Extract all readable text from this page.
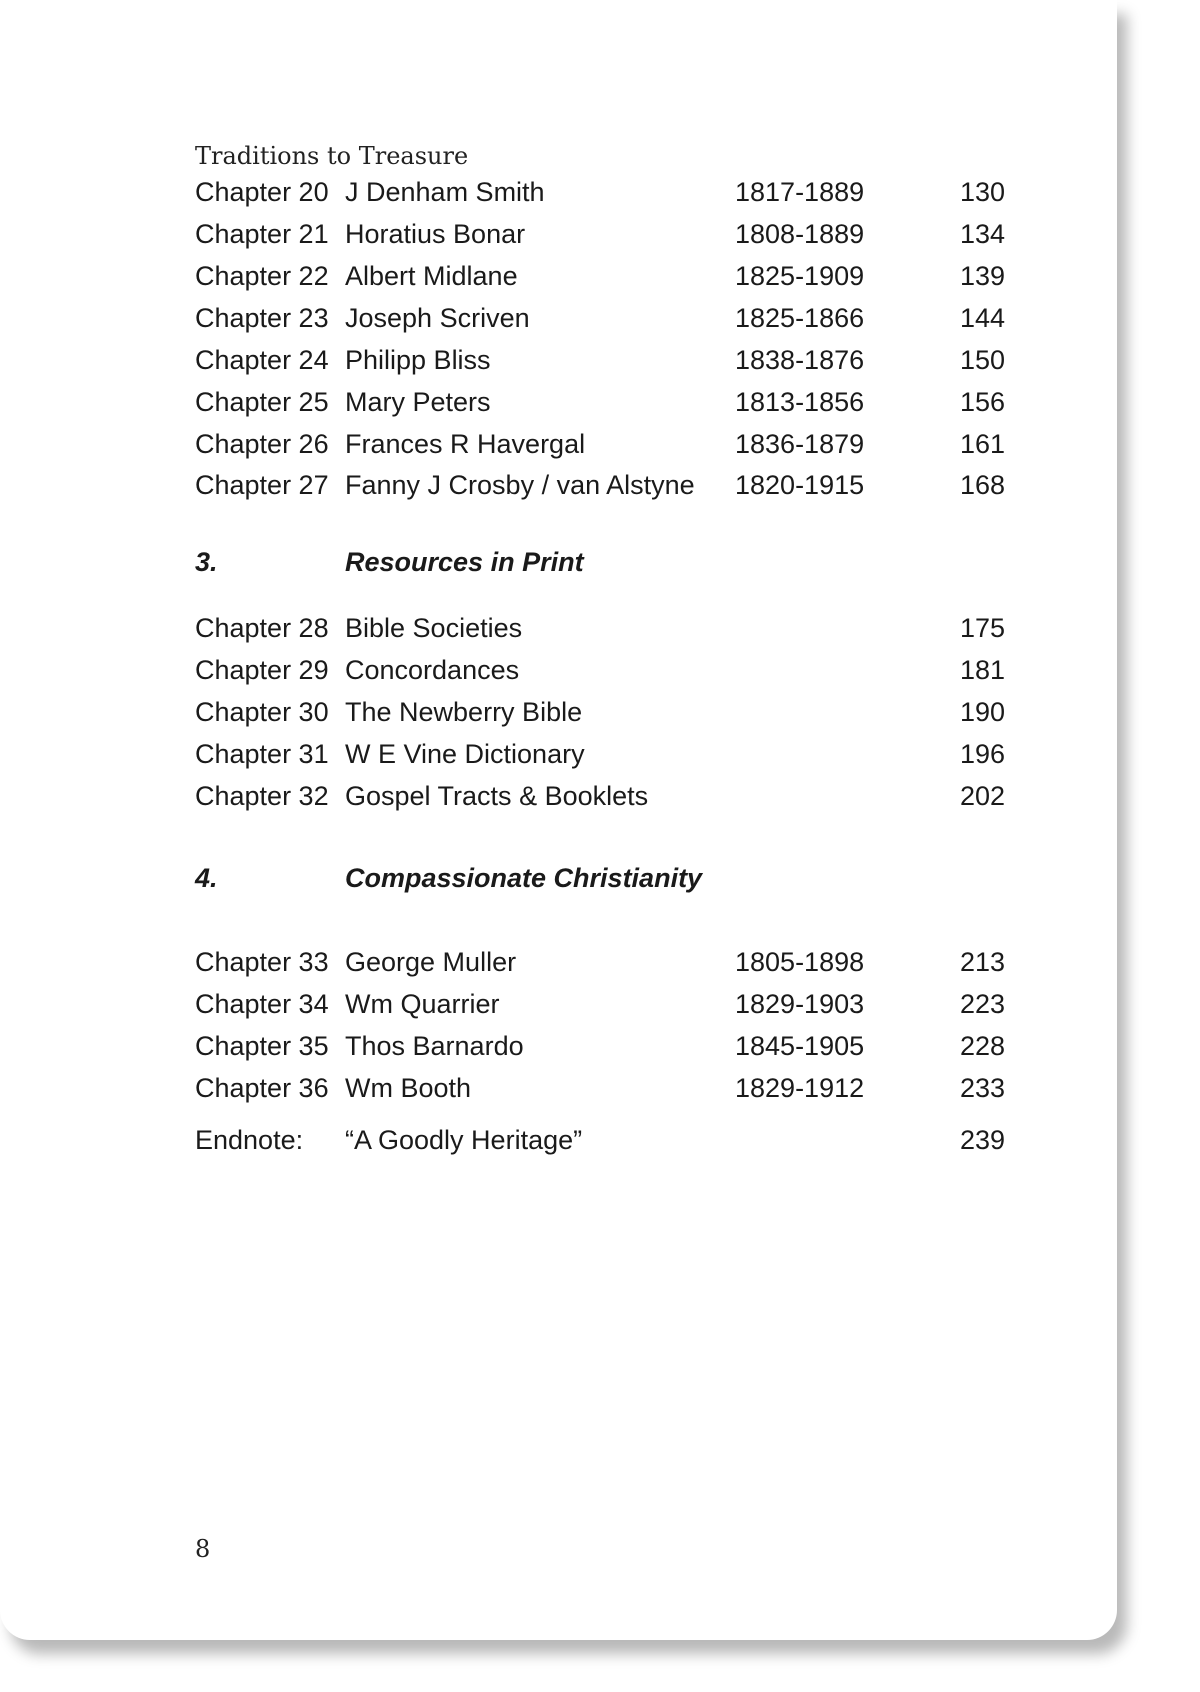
Traditions to Treasure
Chapter 20 J Denham Smith	1817-1889	130
Chapter 21 Horatius Bonar	1808-1889	134
Chapter 22 Albert Midlane	1825-1909	139
Chapter 23 Joseph Scriven	1825-1866	144
Chapter 24 Philipp Bliss	1838-1876	150
Chapter 25 Mary Peters	1813-1856	156
Chapter 26 Frances R Havergal	1836-1879	161
Chapter 27 Fanny J Crosby / van Alstyne 1820-1915	168
3.	Resources in Print
Chapter 28 Bible Societies	175
Chapter 29 Concordances	181
Chapter 30 The Newberry Bible	190
Chapter 31 W E Vine Dictionary	196
Chapter 32 Gospel Tracts & Booklets	202
4.	Compassionate Christianity
Chapter 33 George Muller	1805-1898	213
Chapter 34 Wm Quarrier	1829-1903	223
Chapter 35 Thos Barnardo	1845-1905	228
Chapter 36 Wm Booth	1829-1912	233
Endnote: “A Goodly Heritage”	239
8
